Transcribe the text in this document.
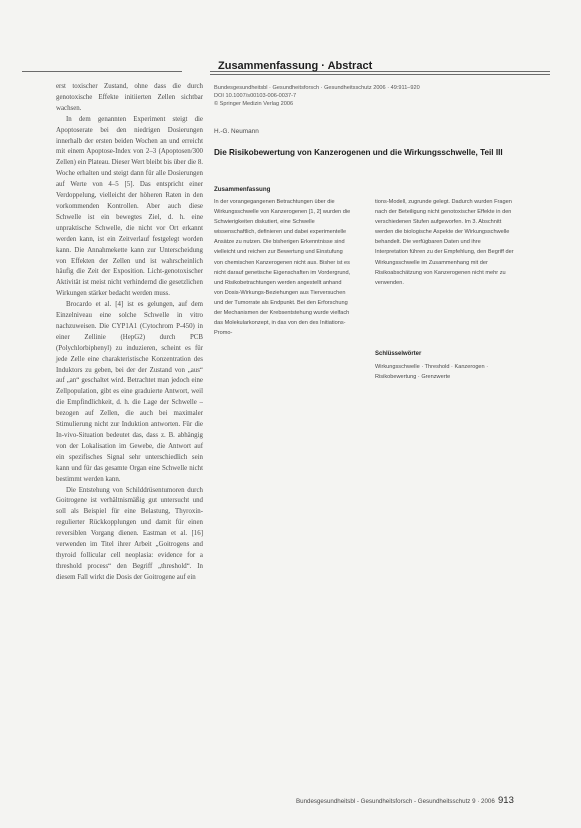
Zusammenfassung · Abstract

erst toxischer Zustand, ohne dass die durch genotoxische Effekte initiierten Zellen sichtbar wachsen.

In dem genannten Experiment steigt die Apoptoserate bei den niedrigen Dosierungen innerhalb der ersten beiden Wochen an und erreicht mit einem Apoptose-Index von 2–3 (Apoptosen/300 Zellen) ein Plateau. Dieser Wert bleibt bis über die 8. Woche erhalten und steigt dann für alle Dosierungen auf Werte von 4–5 [5]. Das entspricht einer Verdoppelung, vielleicht der höheren Raten in den vorkommenden Kontrollen. Aber auch diese Schwelle ist ein bewegtes Ziel, d. h. eine unpraktische Schwelle, die nicht vor Ort erkannt werden kann, ist ein Zeitverlauf festgelegt worden kann. Die Annahmekette kann zur Unterscheidung von Effekten der Zellen und ist wahrscheinlich häufig die Zeit der Exposition. Licht-genotoxischer Aktivität ist meist nicht verhindernd die gesetzlichen Wirkungen stärker bedacht werden muss.

Brocardo et al. [4] ist es gelungen, auf dem Einzelniveau eine solche Schwelle in vitro nachzuweisen. Die CYP1A1 (Cytochrom P-450) in einer Zellinie (HepG2) durch PCB (Polychlorbiphenyl) zu induzieren, scheint es für jede Zelle eine charakteristische Konzentration des Induktors zu geben, bei der der Zustand von „aus“ auf „an“ geschaltet wird. Betrachtet man jedoch eine Zellpopulation, gibt es eine graduierte Antwort, weil die Empfindlichkeit, d. h. die Lage der Schwelle – bezogen auf Zellen, die auch bei maximaler Stimulierung nicht zur Induktion antworten. Für die In-vivo-Situation bedeutet das, dass z. B. abhängig von der Lokalisation im Gewebe, die Antwort auf ein spezifisches Signal sehr unterschiedlich sein kann und für das gesamte Organ eine Schwelle nicht bestimmt werden kann.

Die Entstehung von Schilddrüsentumoren durch Goitrogene ist verhältnismäßig gut untersucht und soll als Beispiel für eine Belastung, Thyroxin-regulierter Rückkopplungen und damit für einen reversiblen Vorgang dienen. Eastman et al. [16] verwenden im Titel ihrer Arbeit „Goitrogens and thyroid follicular cell neoplasia: evidence for a threshold process“ den Begriff „threshold“. In diesem Fall wirkt die Dosis der Goitrogene auf ein

Bundesgesundheitsbl · Gesundheitsforsch · Gesundheitsschutz 2006 · 49:911–920
DOI 10.1007/s00103-006-0037-7
© Springer Medizin Verlag 2006
H.-G. Neumann
Die Risikobewertung von Kanzerogenen und die Wirkungsschwelle, Teil III
Zusammenfassung
In der vorangegangenen Betrachtungen über die Wirkungsschwelle von Kanzerogenen [1, 2] wurden die Schwierigkeiten diskutiert, eine Schwelle wissenschaftlich, definieren und dabei experimentelle Ansätze zu nutzen. Die bisherigen Erkenntnisse sind vielleicht und reichen zur Bewertung und Einstufung von chemischen Kanzerogenen nicht aus. Bisher ist es nicht darauf genetische Eigenschaften im Vordergrund, und Risikobetrachtungen werden angestellt anhand von Dosis-Wirkungs-Beziehungen aus Tierversuchen und der Tumorrate als Endpunkt. Bei den Erforschung der Mechanismen der Krebsentstehung wurde vielfach das Molekularkonzept, in das von den des Initiations-Promo-
tions-Modell, zugrunde gelegt. Dadurch wurden Fragen nach der Beteiligung nicht genotoxischer Effekte in den verschiedenen Stufen aufgeworfen. Im 3. Abschnitt werden die biologische Aspekte der Wirkungsschwelle behandelt. Die verfügbaren Daten und ihre Interpretation führen zu der Empfehlung, den Begriff der Wirkungsschwelle im Zusammenhang mit der Risikoabschätzung von Kanzerogenen nicht mehr zu verwenden.
Schlüsselwörter
Wirkungsschwelle · Threshold · Kanzerogen · Risikobewertung · Grenzwerte
Bundesgesundheitsbl - Gesundheitsforsch - Gesundheitsschutz 9 · 2006 913
